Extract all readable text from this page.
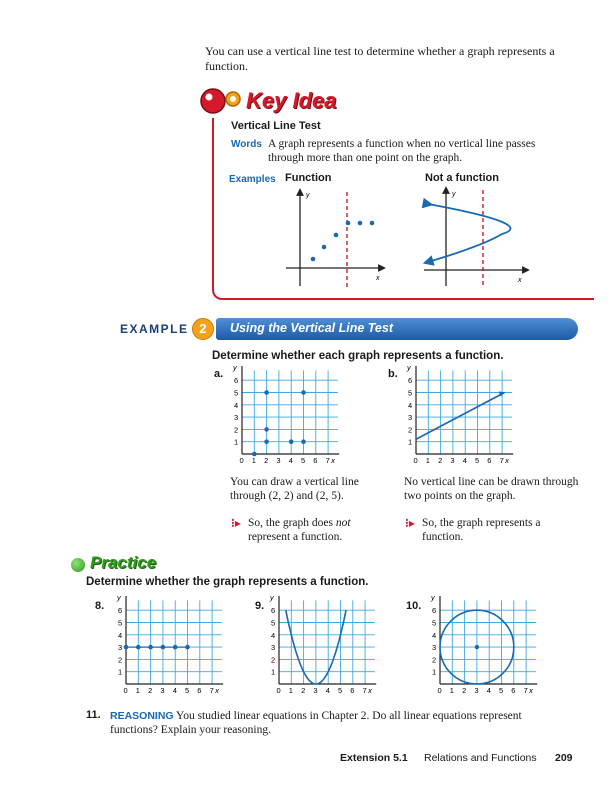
You can use a vertical line test to determine whether a graph represents a function.
Key Idea
Vertical Line Test
Words A graph represents a function when no vertical line passes through more than one point on the graph.
Examples Function	Not a function
y
x
y
x
EXAMPLE 2	Using the Vertical Line Test
Determine whether each graph represents a function.
a.	b.
0 1 2 3 4 5 6 7
1
2
3
4
5
6
y
x	0 1 2 3 4 5 6 7
1
2
3
4
5
6
y
x
You can draw a vertical line through (2, 2) and (2, 5).
No vertical line can be drawn through two points on the graph.
⁝▸	⁝▸
So, the graph does not represent a function.
So, the graph represents a function.
Practice
Determine whether the graph represents a function.
8.	9.	10.
0 1 2 3 4 5 6 7
1
2
3
4
5
6
y
x	0 1 2 3 4 5 6 7
1
2
3
4
5
6
y
x	0 1 2 3 4 5 6 7
1
2
3
4
5
6
y
x
11. REASONING You studied linear equations in Chapter 2. Do all linear equations represent functions? Explain your reasoning.
Extension 5.1 Relations and Functions 209
